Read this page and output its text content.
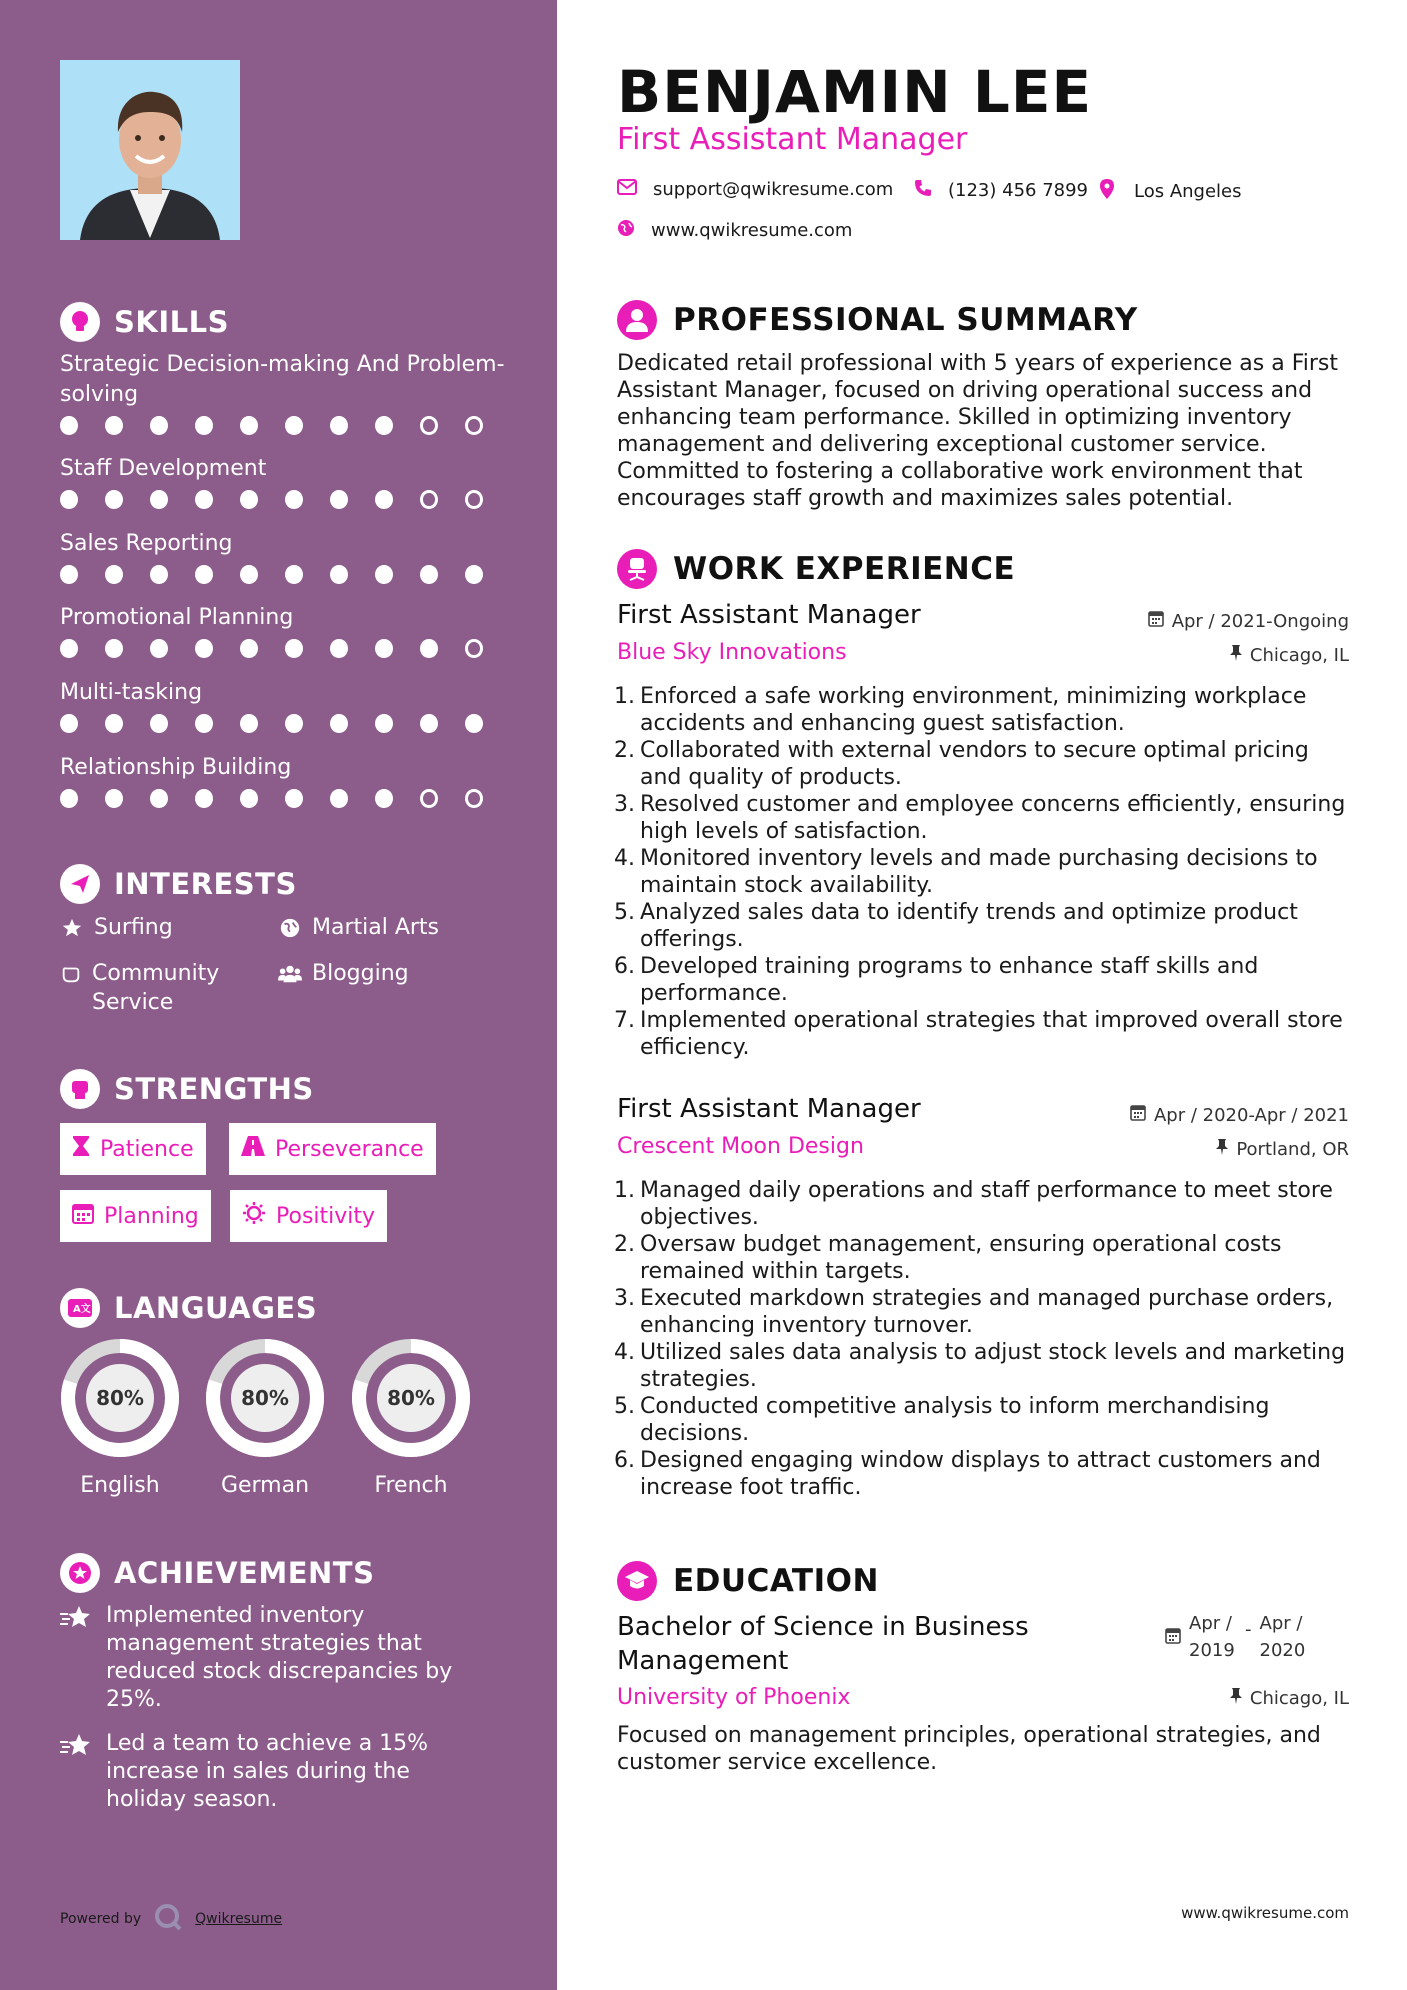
SKILLS
Strategic Decision-making And Problem-solving
Staff Development
Sales Reporting
Promotional Planning
Multi-tasking
Relationship Building
INTERESTS
Surfing	Martial Arts
Community Service
Blogging
STRENGTHS
Patience	Perseverance
Planning	Positivity
A文 LANGUAGES
80%
English
80%
German
80%
French
ACHIEVEMENTS
Implemented inventory management strategies that reduced stock discrepancies by 25%.
Led a team to achieve a 15% increase in sales during the holiday season.
Powered by	Qwikresume
BENJAMIN LEE
First Assistant Manager
support@qwikresume.com	(123) 456 7899	Los Angeles
www.qwikresume.com
PROFESSIONAL SUMMARY
Dedicated retail professional with 5 years of experience as a First Assistant Manager, focused on driving operational success and enhancing team performance. Skilled in optimizing inventory management and delivering exceptional customer service. Committed to fostering a collaborative work environment that encourages staff growth and maximizes sales potential.
WORK EXPERIENCE
First Assistant Manager	Apr / 2021-Ongoing
Blue Sky Innovations	Chicago, IL
1. Enforced a safe working environment, minimizing workplace accidents and enhancing guest satisfaction.
2. Collaborated with external vendors to secure optimal pricing and quality of products.
3. Resolved customer and employee concerns efficiently, ensuring high levels of satisfaction.
4. Monitored inventory levels and made purchasing decisions to maintain stock availability.
5. Analyzed sales data to identify trends and optimize product offerings.
6. Developed training programs to enhance staff skills and performance.
7. Implemented operational strategies that improved overall store efficiency.
First Assistant Manager	Apr / 2020-Apr / 2021
Crescent Moon Design	Portland, OR
1. Managed daily operations and staff performance to meet store objectives.
2. Oversaw budget management, ensuring operational costs remained within targets.
3. Executed markdown strategies and managed purchase orders, enhancing inventory turnover.
4. Utilized sales data analysis to adjust stock levels and marketing strategies.
5. Conducted competitive analysis to inform merchandising decisions.
6. Designed engaging window displays to attract customers and increase foot traffic.
EDUCATION
Bachelor of Science in Business Management
Apr / 2019
- Apr / 2020
University of Phoenix	Chicago, IL
Focused on management principles, operational strategies, and customer service excellence.
www.qwikresume.com
